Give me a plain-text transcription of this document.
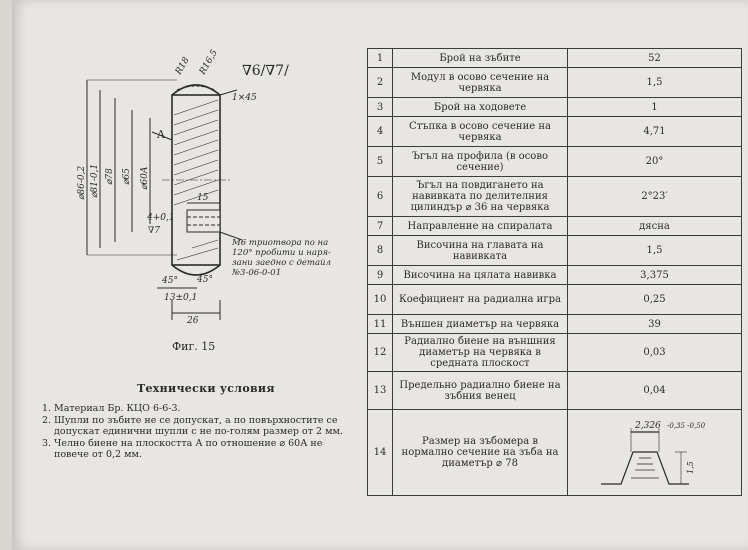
⌀86-0,2 ⌀81-0,1 ⌀78 ⌀65 ⌀60A
R18 R16,5
1×45
A
4+0,1
∇7
15
45° 45°
13±0,1
26
∇6/∇7/
M6 триотвора по на 120° пробити и наря- зани заедно с детайл №3-06-0-01
Фиг. 15
Технически условия
1. Материал Бр. КЦО 6-6-3.
2. Шупли по зъбите не се допускат, а по повърхностите се допускат единични шупли с не по-голям размер от 2 мм.
3. Челно биене на плоскостта А по отношение ⌀ 60А не повече от 0,2 мм.
1	Брой на зъбите	52
2	Модул в осово сечение на червяка	1,5
3	Брой на ходовете	1
4	Стъпка в осово сечение на червяка	4,71
5	Ъгъл на профила (в осово сечение)	20°
6	Ъгъл на повдигането на навивката по делителния цилиндър ⌀ 36 на червяка	2°23′
7	Направление на спиралата	дясна
8	Височина на главата на навивката	1,5
9	Височина на цялата навивка	3,375
10	Коефициент на радиална игра	0,25
11	Външен диаметър на червяка	39
12	Радиално биене на външния диаметър на червяка в средната плоскост	0,03
13	Предельно радиално биене на зъбния венец	0,04
14	Размер на зъбомера в нормално сечение на зъба на диаметър ⌀ 78	2,326 -0,35 -0,50
1,5
